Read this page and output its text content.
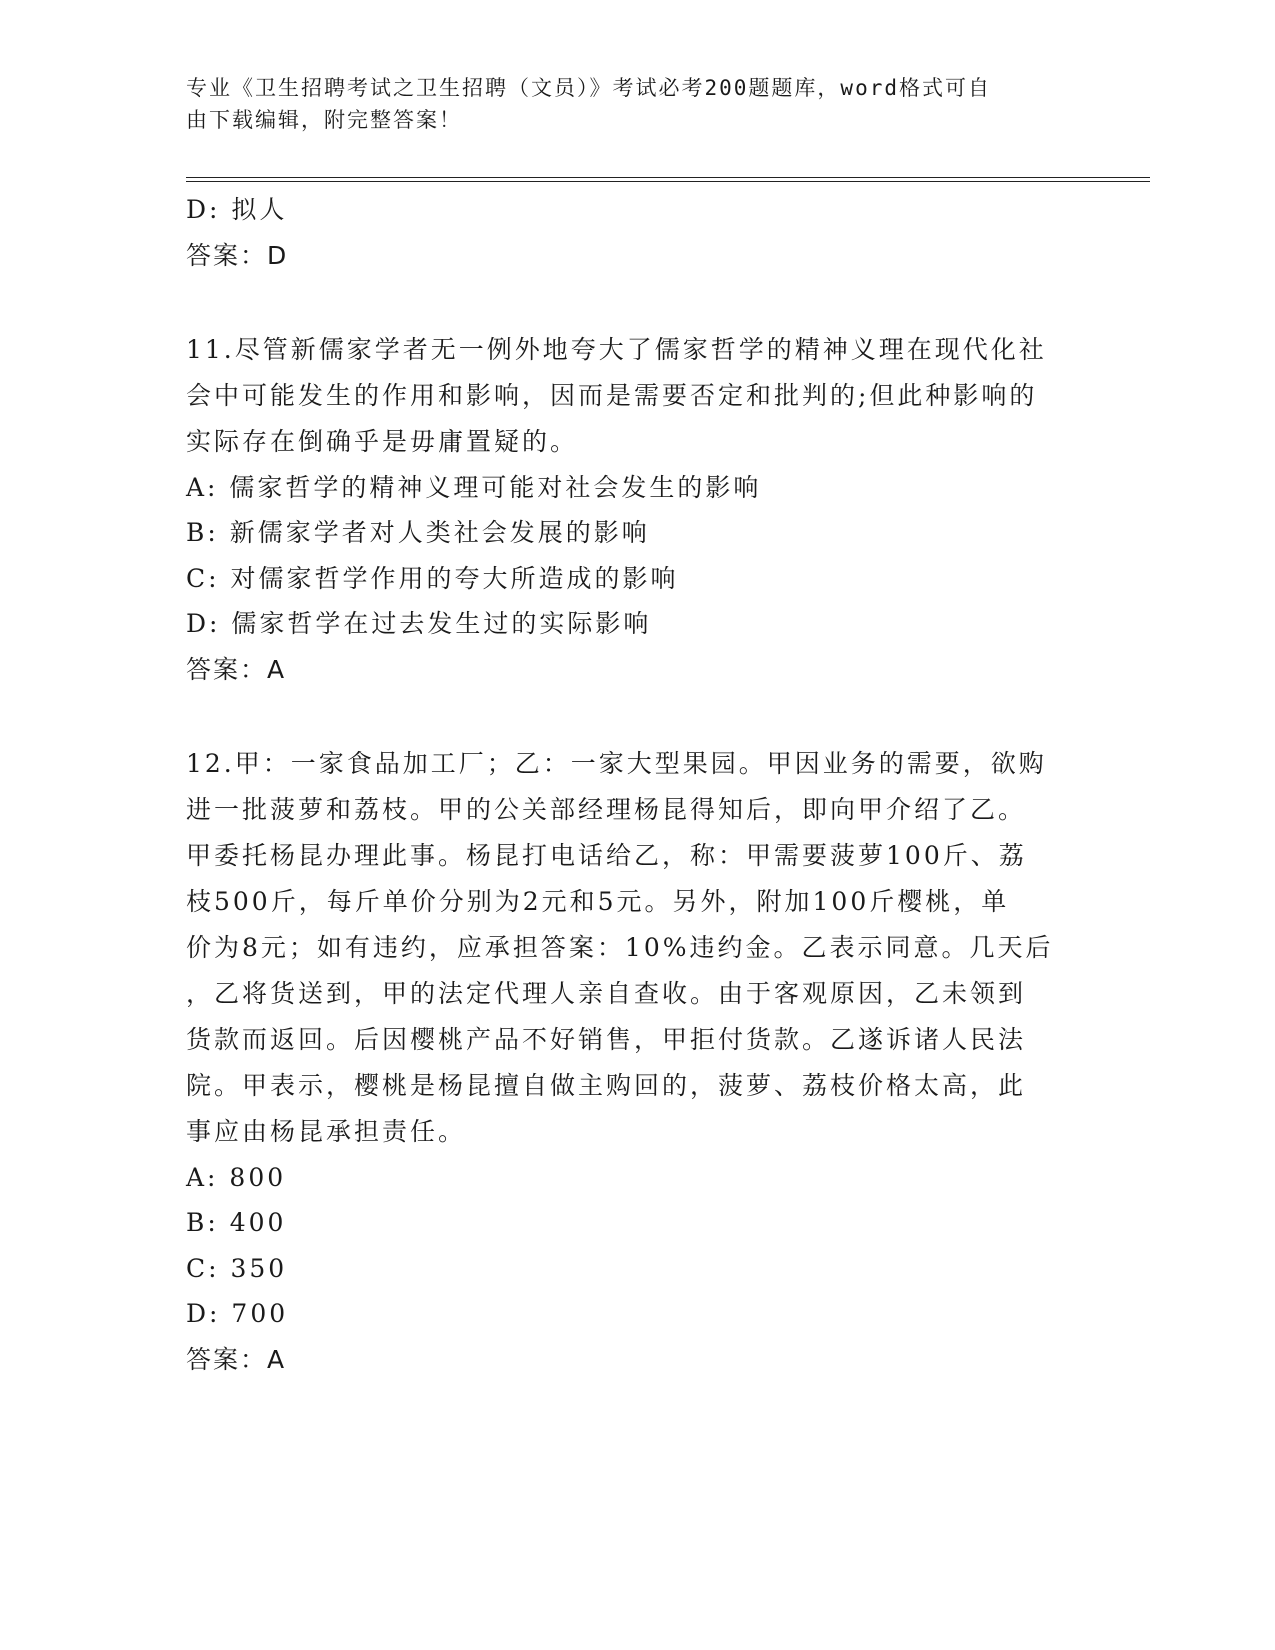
专业《卫生招聘考试之卫生招聘（文员）》考试必考200题题库，word格式可自
由下载编辑，附完整答案！
D: 拟人
答案：D
11.尽管新儒家学者无一例外地夸大了儒家哲学的精神义理在现代化社
会中可能发生的作用和影响，因而是需要否定和批判的;但此种影响的
实际存在倒确乎是毋庸置疑的。
A: 儒家哲学的精神义理可能对社会发生的影响
B: 新儒家学者对人类社会发展的影响
C: 对儒家哲学作用的夸大所造成的影响
D: 儒家哲学在过去发生过的实际影响
答案：A
12.甲：一家食品加工厂；乙：一家大型果园。甲因业务的需要，欲购
进一批菠萝和荔枝。甲的公关部经理杨昆得知后，即向甲介绍了乙。
甲委托杨昆办理此事。杨昆打电话给乙，称：甲需要菠萝100斤、荔
枝500斤，每斤单价分别为2元和5元。另外，附加100斤樱桃，单
价为8元；如有违约，应承担答案：10%违约金。乙表示同意。几天后
，乙将货送到，甲的法定代理人亲自查收。由于客观原因，乙未领到
货款而返回。后因樱桃产品不好销售，甲拒付货款。乙遂诉诸人民法
院。甲表示，樱桃是杨昆擅自做主购回的，菠萝、荔枝价格太高，此
事应由杨昆承担责任。
A: 800
B: 400
C: 350
D: 700
答案：A
